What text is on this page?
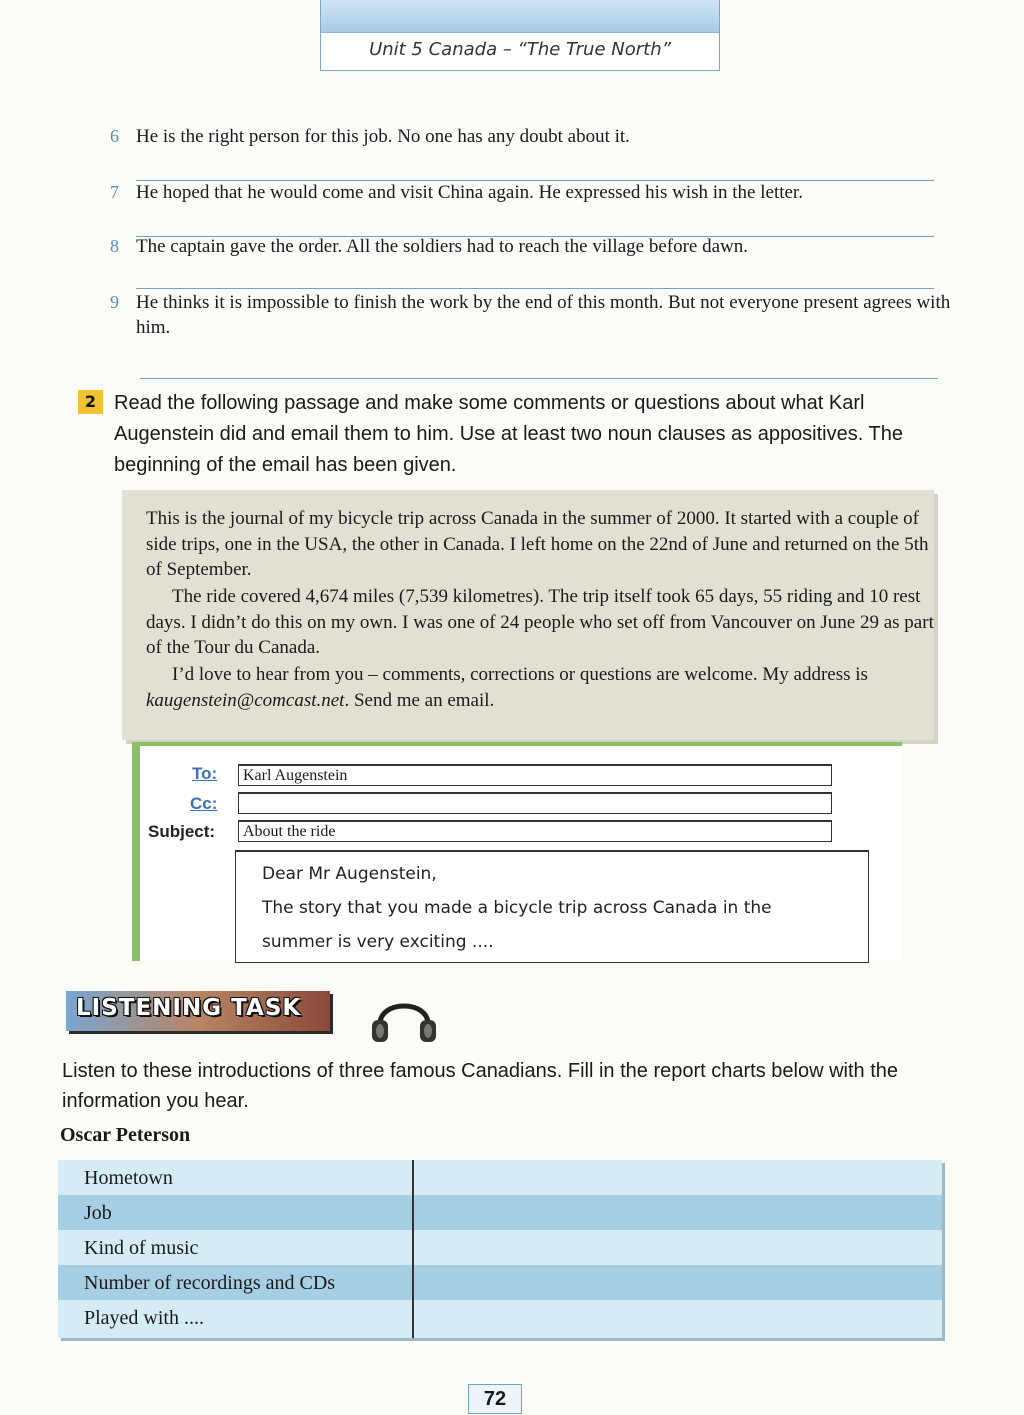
Unit 5 Canada – “The True North”
6 He is the right person for this job. No one has any doubt about it.
7 He hoped that he would come and visit China again. He expressed his wish in the letter.
8 The captain gave the order. All the soldiers had to reach the village before dawn.
9 He thinks it is impossible to finish the work by the end of this month. But not everyone present agrees with him.
2 Read the following passage and make some comments or questions about what Karl Augenstein did and email them to him. Use at least two noun clauses as appositives. The beginning of the email has been given.

This is the journal of my bicycle trip across Canada in the summer of 2000. It started with a couple of side trips, one in the USA, the other in Canada. I left home on the 22nd of June and returned on the 5th of September.

The ride covered 4,674 miles (7,539 kilometres). The trip itself took 65 days, 55 riding and 10 rest days. I didn’t do this on my own. I was one of 24 people who set off from Vancouver on June 29 as part of the Tour du Canada.

I’d love to hear from you – comments, corrections or questions are welcome. My address is kaugenstein@comcast.net. Send me an email.

To:	Karl Augenstein
Cc:
Subject:	About the ride
Dear Mr Augenstein,
The story that you made a bicycle trip across Canada in the
summer is very exciting ....
LISTENING TASK
Listen to these introductions of three famous Canadians. Fill in the report charts below with the information you hear.
Oscar Peterson
Hometown
Job
Kind of music
Number of recordings and CDs
Played with ....
72
